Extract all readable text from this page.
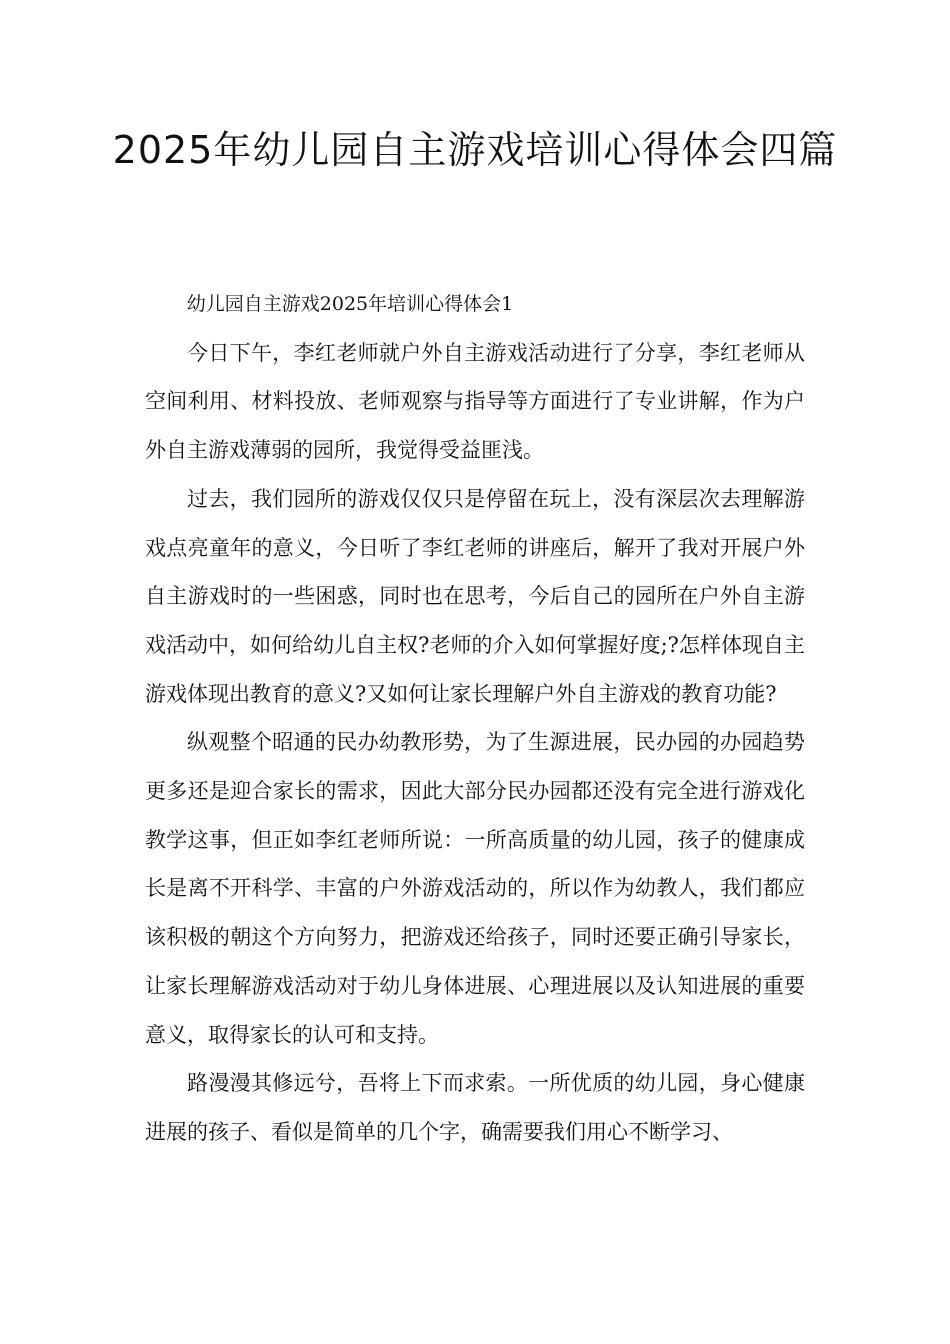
2025年幼儿园自主游戏培训心得体会四篇

幼儿园自主游戏2025年培训心得体会1

今日下午，李红老师就户外自主游戏活动进行了分享，李红老师从空间利用、材料投放、老师观察与指导等方面进行了专业讲解，作为户外自主游戏薄弱的园所，我觉得受益匪浅。

过去，我们园所的游戏仅仅只是停留在玩上，没有深层次去理解游戏点亮童年的意义，今日听了李红老师的讲座后，解开了我对开展户外自主游戏时的一些困惑，同时也在思考，今后自己的园所在户外自主游戏活动中，如何给幼儿自主权?老师的介入如何掌握好度;?怎样体现自主游戏体现出教育的意义?又如何让家长理解户外自主游戏的教育功能?

纵观整个昭通的民办幼教形势，为了生源进展，民办园的办园趋势更多还是迎合家长的需求，因此大部分民办园都还没有完全进行游戏化教学这事，但正如李红老师所说：一所高质量的幼儿园，孩子的健康成长是离不开科学、丰富的户外游戏活动的，所以作为幼教人，我们都应该积极的朝这个方向努力，把游戏还给孩子，同时还要正确引导家长，让家长理解游戏活动对于幼儿身体进展、心理进展以及认知进展的重要意义，取得家长的认可和支持。

路漫漫其修远兮，吾将上下而求索。一所优质的幼儿园，身心健康进展的孩子、看似是简单的几个字，确需要我们用心不断学习、
